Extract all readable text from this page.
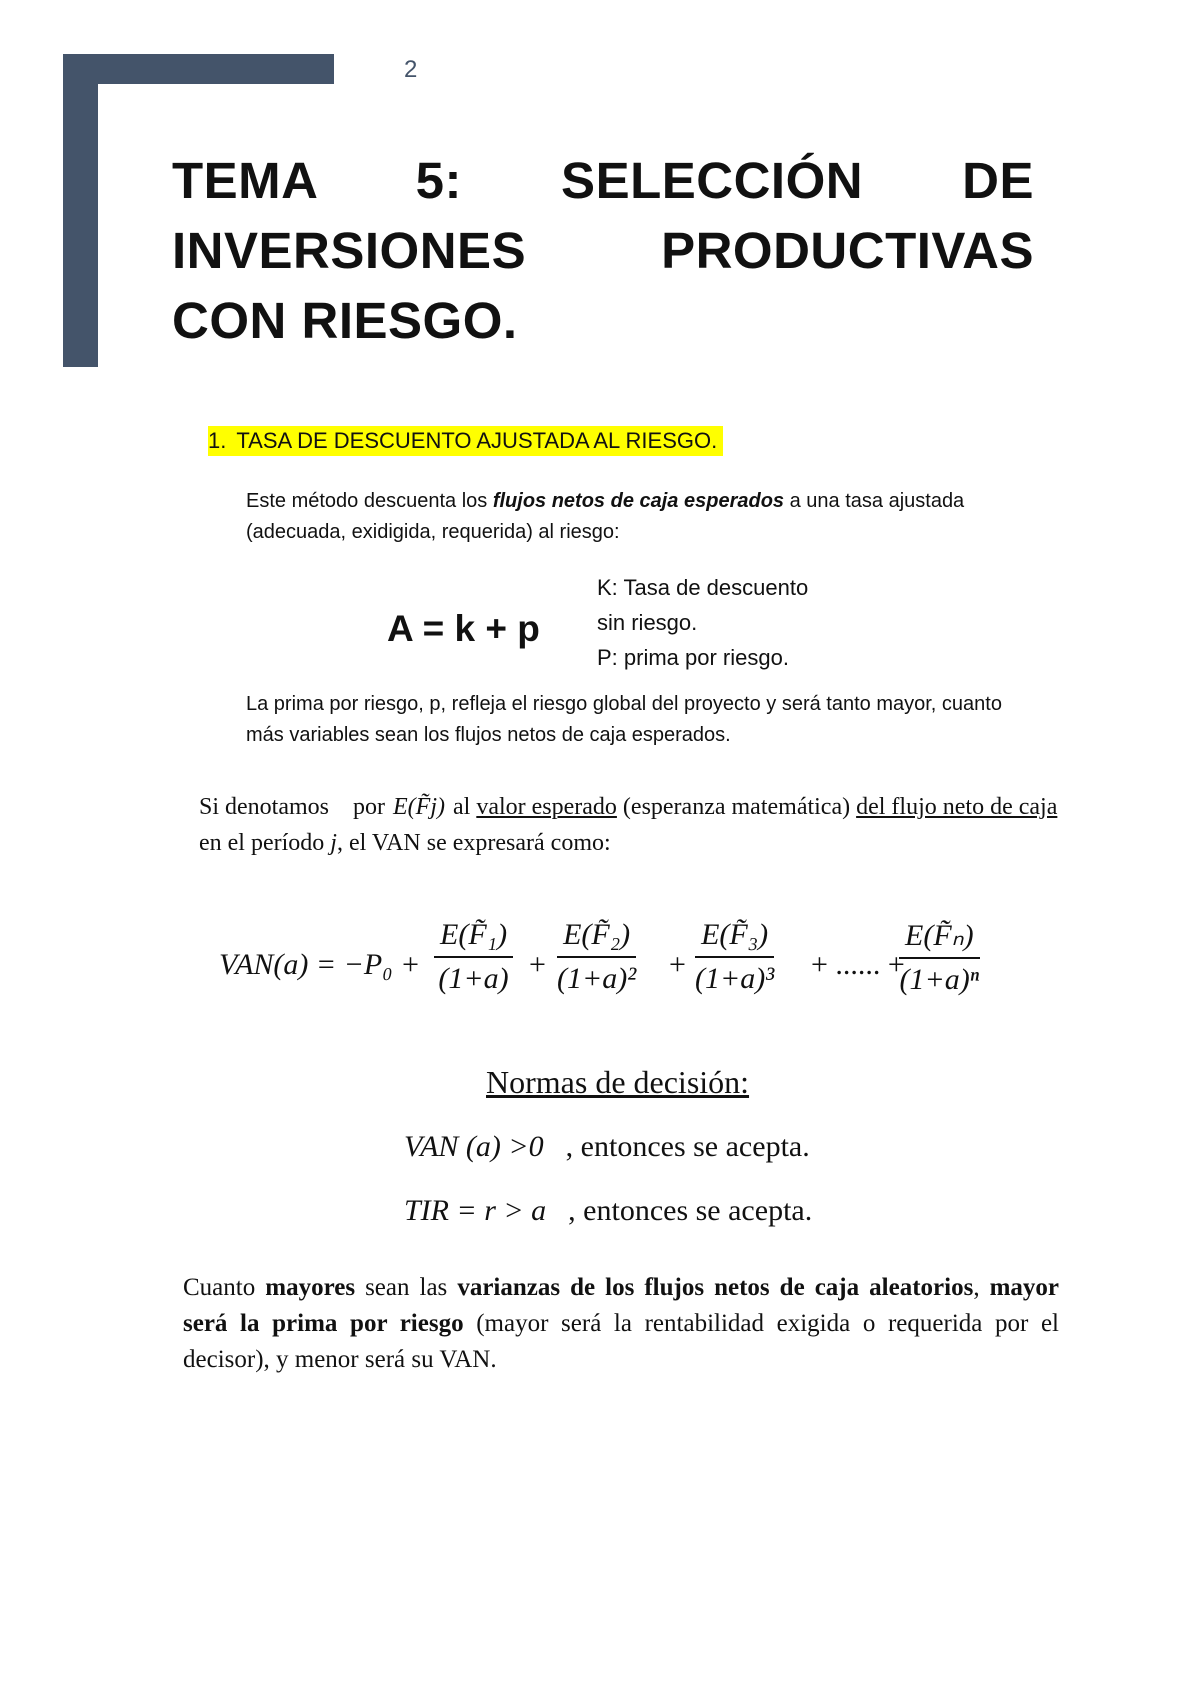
2
TEMA 5: SELECCIÓN DE INVERSIONES PRODUCTIVAS CON RIESGO.
1. TASA DE DESCUENTO AJUSTADA AL RIESGO.
Este método descuenta los flujos netos de caja esperados a una tasa ajustada (adecuada, exidigida, requerida) al riesgo:
A = k + p
K: Tasa de descuento
sin riesgo.
P: prima por riesgo.
La prima por riesgo, p, refleja el riesgo global del proyecto y será tanto mayor, cuanto más variables sean los flujos netos de caja esperados.
Si denotamos    por E(F̃j) al valor esperado (esperanza matemática) del flujo neto de caja en el período j, el VAN se expresará como:
$VAN(a) = -P_0 + \frac{\text{E(F̃₁)}}{(1+a)} + \frac{\text{E(F̃₂)}}{\text{(1+a)²}} + \frac{\text{E(F̃₃)}}{\text{(1+a)³}}$ + ...... +
$\frac{\text{E(F̃ₙ)}}{\text{(1+a)ⁿ}}$
Normas de decisión:
VAN (a) >0 , entonces se acepta.
TIR = r > a , entonces se acepta.
Cuanto mayores sean las varianzas de los flujos netos de caja aleatorios, mayor será la prima por riesgo (mayor será la rentabilidad exigida o requerida por el decisor), y menor será su VAN.
